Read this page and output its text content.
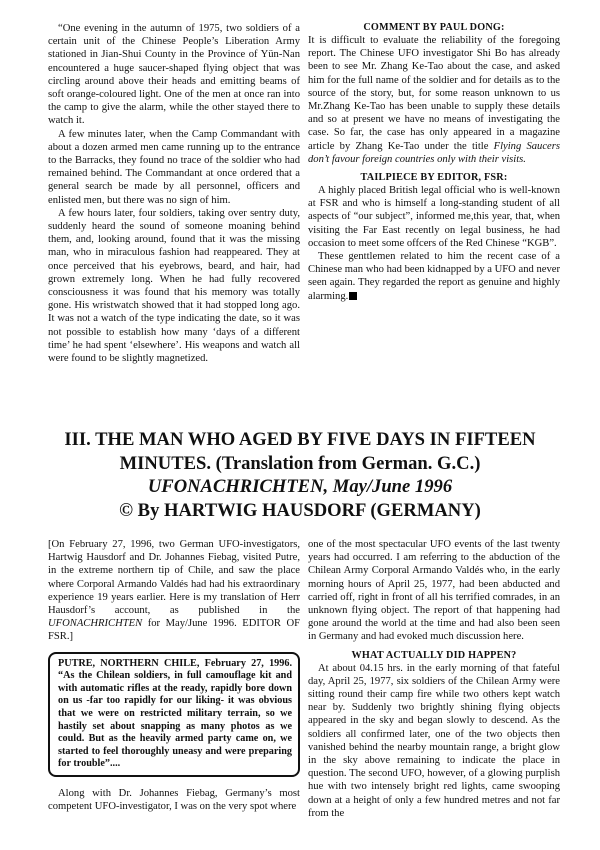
“One evening in the autumn of 1975, two soldiers of a certain unit of the Chinese People’s Liberation Army stationed in Jian-Shui County in the Province of Yün-Nan encountered a huge saucer-shaped flying object that was circling around above their heads and emitting beams of soft orange-coloured light. One of the men at once ran into the camp to give the alarm, while the other stayed there to watch it.

A few minutes later, when the Camp Commandant with about a dozen armed men came running up to the entrance to the Barracks, they found no trace of the soldier who had remained behind. The Commandant at once ordered that a general search be made by all personnel, officers and enlisted men, but there was no sign of him.

A few hours later, four soldiers, taking over sentry duty, suddenly heard the sound of someone moaning behind them, and, looking around, found that it was the missing man, who in miraculous fashion had reappeared. They at once perceived that his eyebrows, beard, and hair, had grown extremely long. When he had fully recovered consciousness it was found that his memory was totally gone. His wristwatch showed that it had stopped long ago. It was not a watch of the type indicating the date, so it was not possible to establish how many ‘days of a different time’ he had spent ‘elsewhere’. His weapons and watch all were found to be slightly magnetized.

COMMENT BY PAUL DONG:

It is difficult to evaluate the reliability of the foregoing report. The Chinese UFO investigator Shi Bo has already been to see Mr. Zhang Ke-Tao about the case, and asked him for the full name of the soldier and for details as to the source of the story, but, for some reason unknown to us Mr.Zhang Ke-Tao has been unable to supply these details and so at present we have no means of investigating the case. So far, the case has only appeared in a magazine article by Zhang Ke-Tao under the title Flying Saucers don’t favour foreign countries only with their visits.

TAILPIECE BY EDITOR, FSR:

A highly placed British legal official who is well-known at FSR and who is himself a long-standing student of all aspects of “our subject”, informed me,this year, that, when visiting the Far East recently on legal business, he had occasion to meet some offcers of the Red Chinese “KGB”.

These genttlemen related to him the recent case of a Chinese man who had been kidnapped by a UFO and never seen again. They regarded the report as genuine and highly alarming.

III. THE MAN WHO AGED BY FIVE DAYS IN FIFTEEN
MINUTES. (Translation from German. G.C.)
UFONACHRICHTEN, May/June 1996
© By HARTWIG HAUSDORF (GERMANY)

[On February 27, 1996, two German UFO-investigators, Hartwig Hausdorf and Dr. Johannes Fiebag, visited Putre, in the extreme northern tip of Chile, and saw the place where Corporal Armando Valdés had had his extraordinary experience 19 years earlier. Here is my translation of Herr Hausdorf’s account, as published in the UFONACHRICHTEN for May/June 1996. EDITOR OF FSR.]

PUTRE, NORTHERN CHILE, February 27, 1996. “As the Chilean soldiers, in full camouflage kit and with automatic rifles at the ready, rapidly bore down on us -far too rapidly for our liking- it was obvious that we were on restricted military terrain, so we hastily set about snapping as many photos as we could. But as the heavily armed party came on, we started to feel thoroughly uneasy and were preparing for trouble”....

Along with Dr. Johannes Fiebag, Germany’s most competent UFO-investigator, I was on the very spot where

one of the most spectacular UFO events of the last twenty years had occurred. I am referring to the abduction of the Chilean Army Corporal Armando Valdés who, in the early morning hours of April 25, 1977, had been abducted and carried off, right in front of all his terrified comrades, in an unknown flying object. The report of that happening had gone around the world at the time and had also been seen in Germany and had evoked much discussion here.

WHAT ACTUALLY DID HAPPEN?

At about 04.15 hrs. in the early morning of that fateful day, April 25, 1977, six soldiers of the Chilean Army were sitting round their camp fire while two others kept watch near by. Suddenly two brightly shining flying objects appeared in the sky and began slowly to descend. As the soldiers all confirmed later, one of the two objects then vanished behind the nearby mountain range, a bright glow in the sky above remaining to indicate the place in question. The second UFO, however, of a glowing purplish hue with two intensely bright red lights, came swooping down at a height of only a few hundred metres and not far from the
